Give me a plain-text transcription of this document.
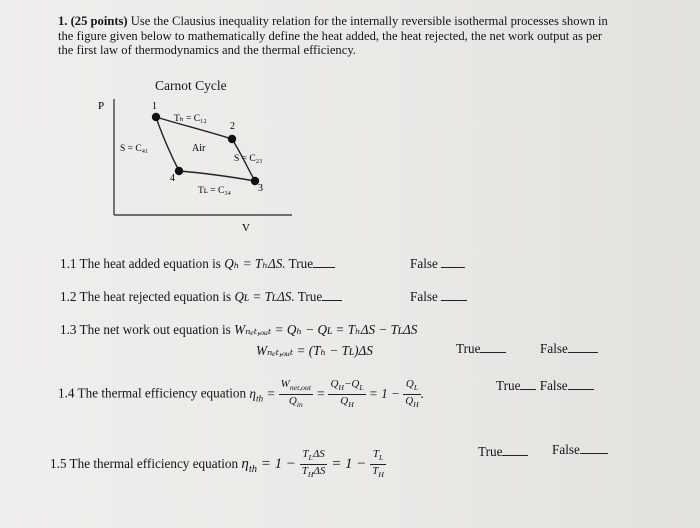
1. (25 points) Use the Clausius inequality relation for the internally reversible isothermal processes shown in the figure given below to mathematically define the heat added, the heat rejected, the net work output as per the first law of thermodynamics and the thermal efficiency.
Carnot Cycle
P	1
2
3
4
Tₕ = C₁₂
S = C₄₁	Air
S = C₂₃
Tʟ = C₃₄
V
1.1 The heat added equation is Qₕ = TₕΔS. True	False
1.2 The heat rejected equation is Qʟ = TʟΔS. True	False
1.3 The net work out equation is Wₙₑₜ,ₒᵤₜ = Qₕ − Qʟ = TₕΔS − TʟΔS
Wₙₑₜ,ₒᵤₜ = (Tₕ − Tʟ)ΔS	True	False
1.4 The thermal efficiency equation $\eta_{th} = \frac{W_{net,out}}{Q_{in}} = \frac{Q_H-Q_L}{Q_H} = 1 - \frac{Q_L}{Q_H}$ .
True False
1.5 The thermal efficiency equation $\eta_{th} = 1 - \frac{T_L\Delta S}{T_H\Delta S} = 1 - \frac{T_L}{T_H}$	True	False
